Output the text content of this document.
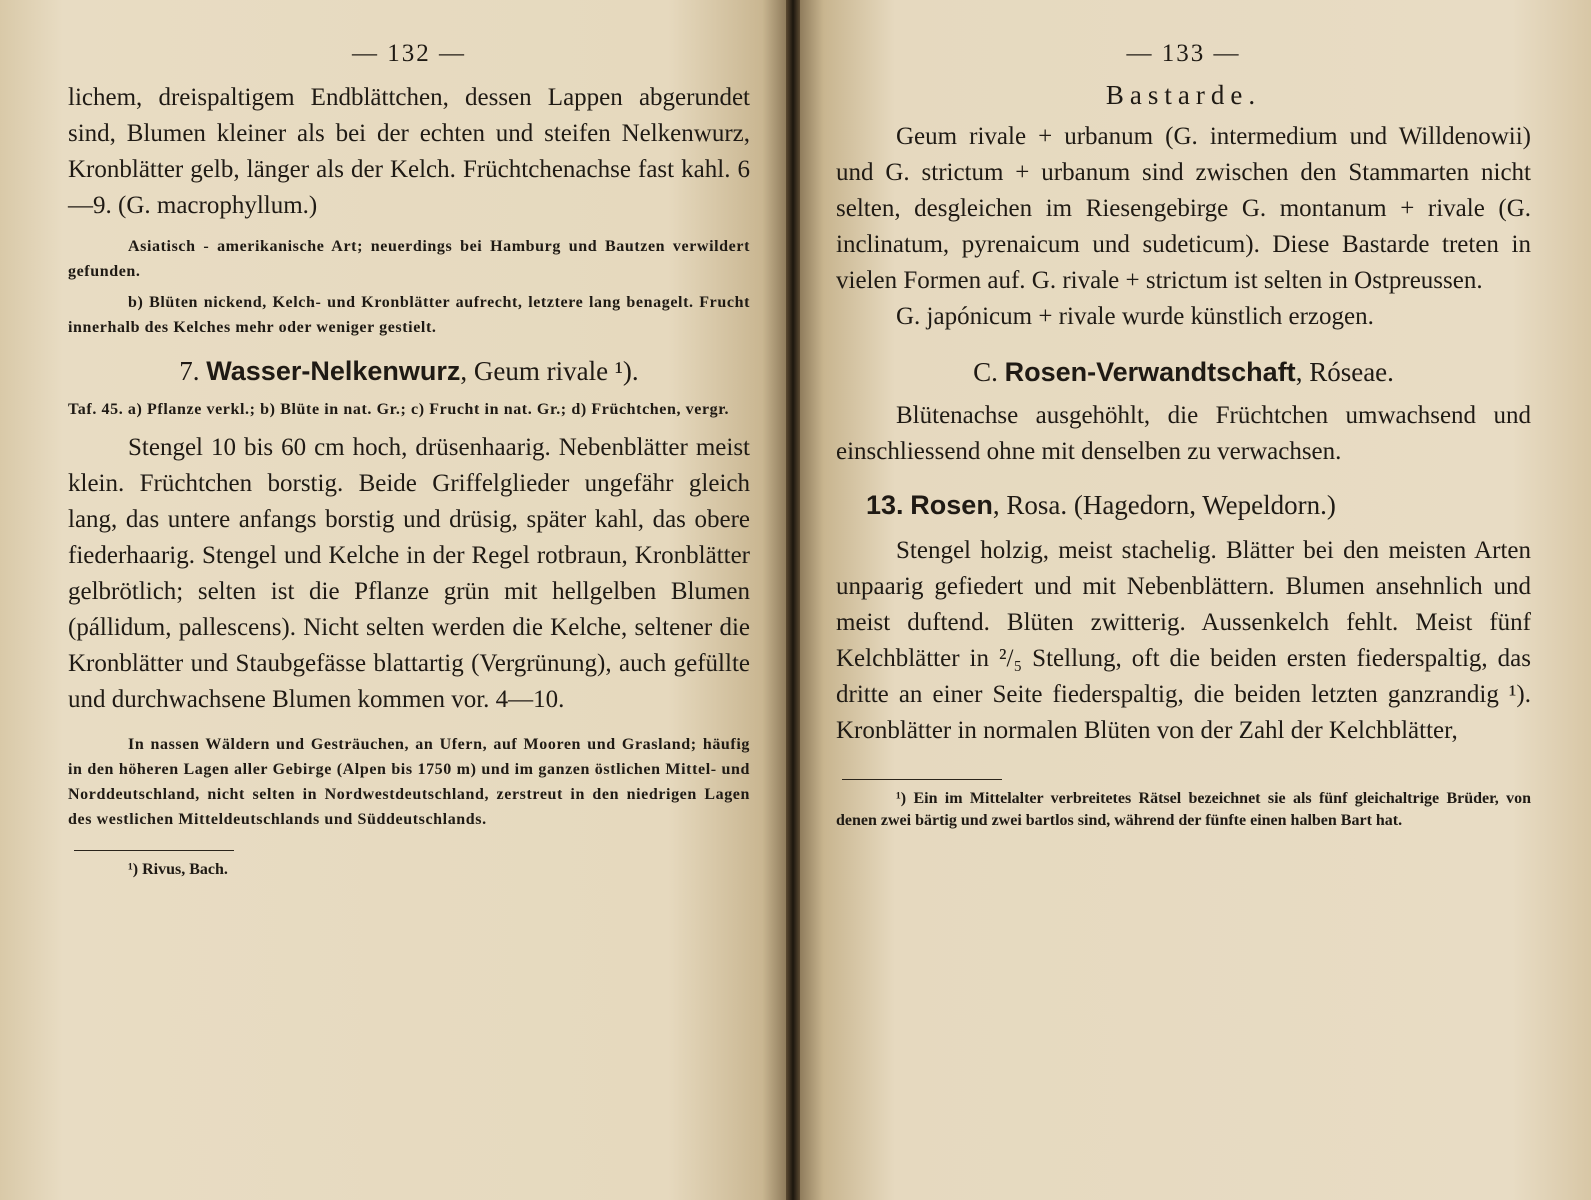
— 132 —

lichem, dreispaltigem Endblättchen, dessen Lappen abgerundet sind, Blumen kleiner als bei der echten und steifen Nelkenwurz, Kronblätter gelb, länger als der Kelch. Früchtchenachse fast kahl. 6—9. (G. macrophyllum.)

Asiatisch - amerikanische Art; neuerdings bei Hamburg und Bautzen verwildert gefunden.

b) Blüten nickend, Kelch- und Kronblätter aufrecht, letztere lang benagelt. Frucht innerhalb des Kelches mehr oder weniger gestielt.

7. Wasser-Nelkenwurz, Geum rivale ¹).

Taf. 45. a) Pflanze verkl.; b) Blüte in nat. Gr.; c) Frucht in nat. Gr.; d) Früchtchen, vergr.

Stengel 10 bis 60 cm hoch, drüsenhaarig. Nebenblätter meist klein. Früchtchen borstig. Beide Griffelglieder ungefähr gleich lang, das untere anfangs borstig und drüsig, später kahl, das obere fiederhaarig. Stengel und Kelche in der Regel rotbraun, Kronblätter gelbrötlich; selten ist die Pflanze grün mit hellgelben Blumen (pállidum, pallescens). Nicht selten werden die Kelche, seltener die Kronblätter und Staubgefässe blattartig (Vergrünung), auch gefüllte und durchwachsene Blumen kommen vor. 4—10.

In nassen Wäldern und Gesträuchen, an Ufern, auf Mooren und Grasland; häufig in den höheren Lagen aller Gebirge (Alpen bis 1750 m) und im ganzen östlichen Mittel- und Norddeutschland, nicht selten in Nordwestdeutschland, zerstreut in den niedrigen Lagen des westlichen Mitteldeutschlands und Süddeutschlands.

¹) Rivus, Bach.

— 133 —
Bastarde.

Geum rivale + urbanum (G. intermedium und Willdenowii) und G. strictum + urbanum sind zwischen den Stammarten nicht selten, desgleichen im Riesengebirge G. montanum + rivale (G. inclinatum, pyrenaicum und sudeticum). Diese Bastarde treten in vielen Formen auf. G. rivale + strictum ist selten in Ostpreussen.

G. japónicum + rivale wurde künstlich erzogen.

C. Rosen-Verwandtschaft, Róseae.

Blütenachse ausgehöhlt, die Früchtchen umwachsend und einschliessend ohne mit denselben zu verwachsen.

13. Rosen, Rosa. (Hagedorn, Wepeldorn.)

Stengel holzig, meist stachelig. Blätter bei den meisten Arten unpaarig gefiedert und mit Nebenblättern. Blumen ansehnlich und meist duftend. Blüten zwitterig. Aussenkelch fehlt. Meist fünf Kelchblätter in ²/₅ Stellung, oft die beiden ersten fiederspaltig, das dritte an einer Seite fiederspaltig, die beiden letzten ganzrandig ¹). Kronblätter in normalen Blüten von der Zahl der Kelchblätter,

¹) Ein im Mittelalter verbreitetes Rätsel bezeichnet sie als fünf gleichaltrige Brüder, von denen zwei bärtig und zwei bartlos sind, während der fünfte einen halben Bart hat.
